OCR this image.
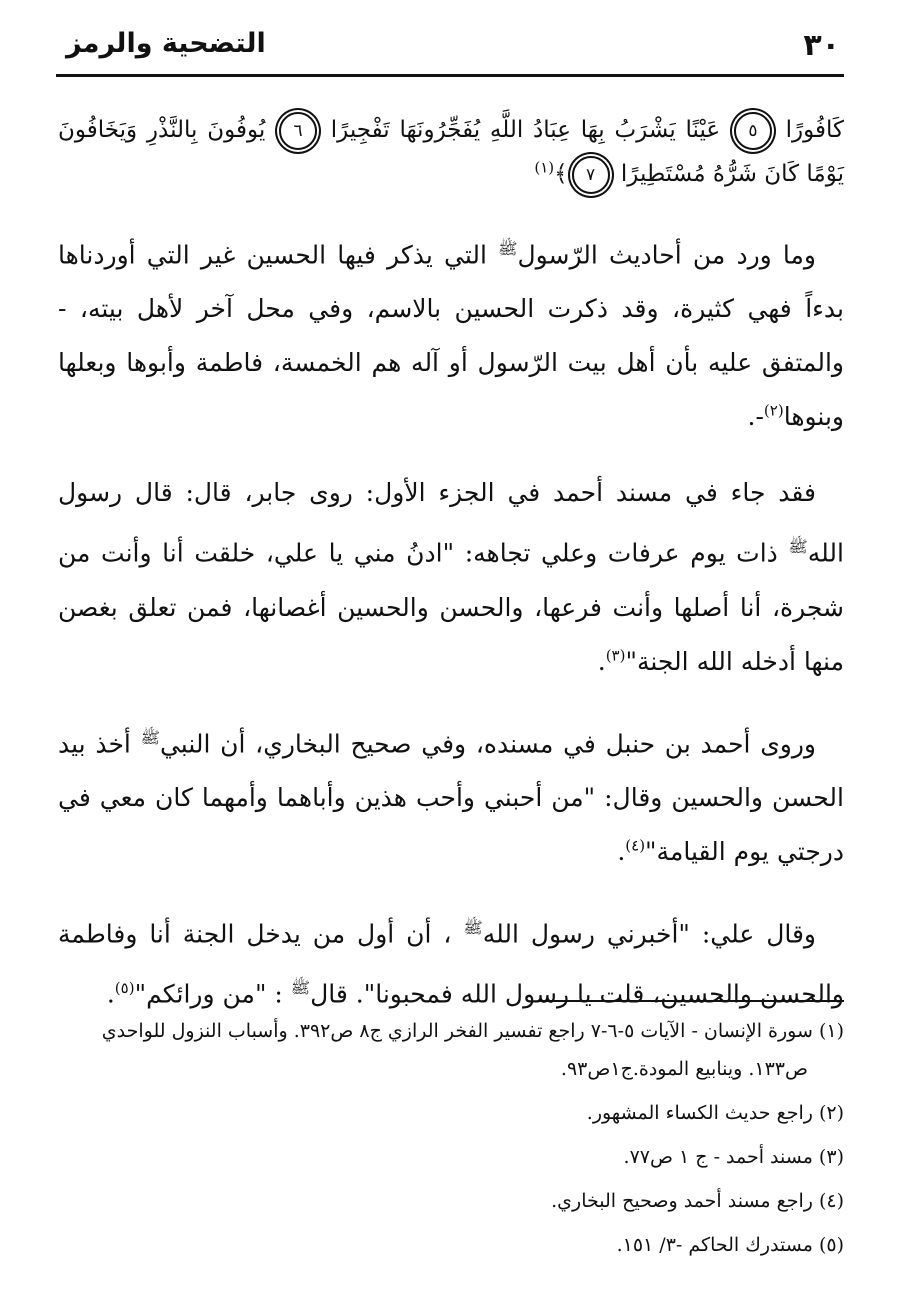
٣٠
التضحية والرمز

كَافُورًا ٥ عَيْنًا يَشْرَبُ بِهَا عِبَادُ اللَّهِ يُفَجِّرُونَهَا تَفْجِيرًا ٦ يُوفُونَ بِالنَّذْرِ وَيَخَافُونَ يَوْمًا كَانَ شَرُّهُ مُسْتَطِيرًا ٧﴾$^{(١)}$

وما ورد من أحاديث الرّسول$^ﷺ$ التي يذكر فيها الحسين غير التي أوردناها بدءاً فهي كثيرة، وقد ذكرت الحسين بالاسم، وفي محل آخر لأهل بيته، - والمتفق عليه بأن أهل بيت الرّسول أو آله هم الخمسة، فاطمة وأبوها وبعلها وبنوها$^{(٢)}$-.

فقد جاء في مسند أحمد في الجزء الأول: روى جابر، قال: قال رسول الله$^ﷺ$ ذات يوم عرفات وعلي تجاهه: "ادنُ مني يا علي، خلقت أنا وأنت من شجرة، أنا أصلها وأنت فرعها، والحسن والحسين أغصانها، فمن تعلق بغصن منها أدخله الله الجنة"$^{(٣)}$.

وروى أحمد بن حنبل في مسنده، وفي صحيح البخاري، أن النبي$^ﷺ$ أخذ بيد الحسن والحسين وقال: "من أحبني وأحب هذين وأباهما وأمهما كان معي في درجتي يوم القيامة"$^{(٤)}$.

وقال علي: "أخبرني رسول الله$^ﷺ$ ، أن أول من يدخل الجنة أنا وفاطمة والحسن والحسين، قلت يا رسول الله فمحبونا". قال$^ﷺ$ : "من ورائكم"$^{(٥)}$.

(١) سورة الإنسان - الآيات ٥-٦-٧ راجع تفسير الفخر الرازي ج٨ ص٣٩٢. وأسباب النزول للواحدي ص١٣٣. وينابيع المودة.ج١ص٩٣.

(٢) راجع حديث الكساء المشهور.

(٣) مسند أحمد - ج ١ ص٧٧.

(٤) راجع مسند أحمد وصحيح البخاري.

(٥) مستدرك الحاكم -٣/ ١٥١.
